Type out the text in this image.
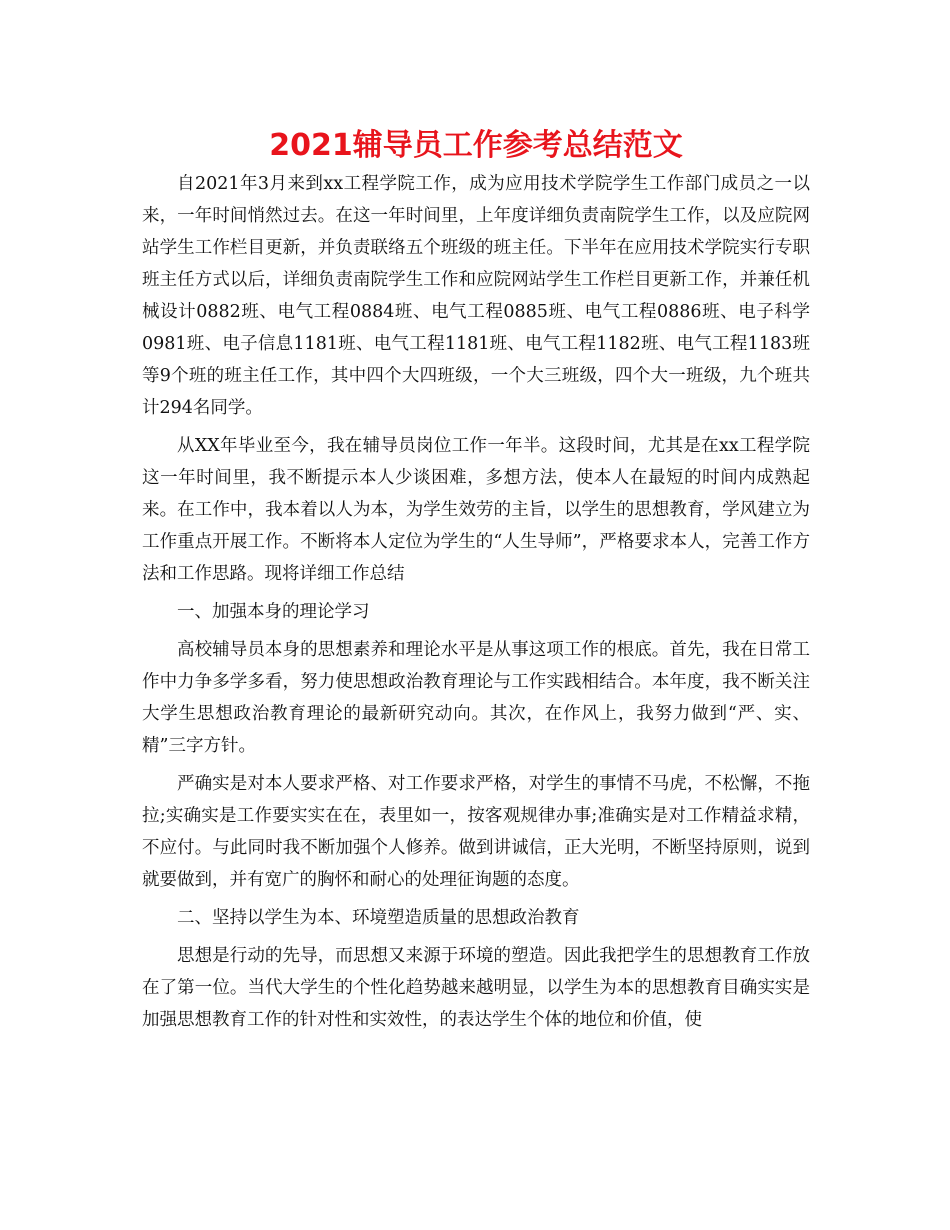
2021辅导员工作参考总结范文

自2021年3月来到xx工程学院工作，成为应用技术学院学生工作部门成员之一以来，一年时间悄然过去。在这一年时间里，上年度详细负责南院学生工作，以及应院网站学生工作栏目更新，并负责联络五个班级的班主任。下半年在应用技术学院实行专职班主任方式以后，详细负责南院学生工作和应院网站学生工作栏目更新工作，并兼任机械设计0882班、电气工程0884班、电气工程0885班、电气工程0886班、电子科学0981班、电子信息1181班、电气工程1181班、电气工程1182班、电气工程1183班等9个班的班主任工作，其中四个大四班级，一个大三班级，四个大一班级，九个班共计294名同学。

从XX年毕业至今，我在辅导员岗位工作一年半。这段时间，尤其是在xx工程学院这一年时间里，我不断提示本人少谈困难，多想方法，使本人在最短的时间内成熟起来。在工作中，我本着以人为本，为学生效劳的主旨，以学生的思想教育，学风建立为工作重点开展工作。不断将本人定位为学生的“人生导师”，严格要求本人，完善工作方法和工作思路。现将详细工作总结

一、加强本身的理论学习

高校辅导员本身的思想素养和理论水平是从事这项工作的根底。首先，我在日常工作中力争多学多看，努力使思想政治教育理论与工作实践相结合。本年度，我不断关注大学生思想政治教育理论的最新研究动向。其次，在作风上，我努力做到“严、实、精”三字方针。

严确实是对本人要求严格、对工作要求严格，对学生的事情不马虎，不松懈，不拖拉;实确实是工作要实实在在，表里如一，按客观规律办事;准确实是对工作精益求精，不应付。与此同时我不断加强个人修养。做到讲诚信，正大光明，不断坚持原则，说到就要做到，并有宽广的胸怀和耐心的处理征询题的态度。

二、坚持以学生为本、环境塑造质量的思想政治教育

思想是行动的先导，而思想又来源于环境的塑造。因此我把学生的思想教育工作放在了第一位。当代大学生的个性化趋势越来越明显，以学生为本的思想教育目确实实是加强思想教育工作的针对性和实效性，的表达学生个体的地位和价值，使
